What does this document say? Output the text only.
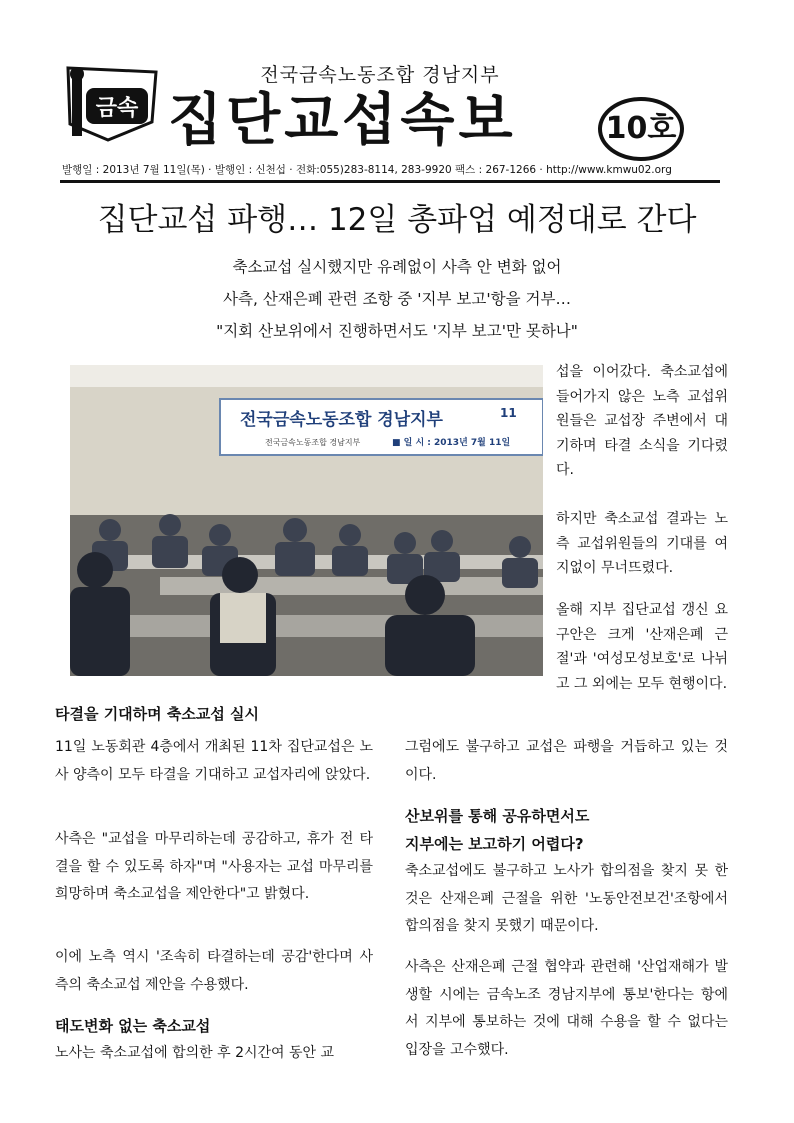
금속
전국금속노동조합 경남지부
집단교섭속보	10호
발행일 : 2013년 7월 11일(목) · 발행인 : 신천섭 · 전화:055)283-8114, 283-9920 팩스 : 267-1266 · http://www.kmwu02.org
집단교섭 파행… 12일 총파업 예정대로 간다
축소교섭 실시했지만 유례없이 사측 안 변화 없어
사측, 산재은폐 관련 조항 중 '지부 보고'항을 거부…
"지회 산보위에서 진행하면서도 '지부 보고'만 못하나"
전국금속노동조합 경남지부	11
전국금속노동조합 경남지부	■ 일 시 : 2013년 7월 11일
섭을 이어갔다. 축소교섭에 들어가지 않은 노측 교섭위원들은 교섭장 주변에서 대기하며 타결 소식을 기다렸다.
하지만 축소교섭 결과는 노측 교섭위원들의 기대를 여지없이 무너뜨렸다.
올해 지부 집단교섭 갱신 요구안은 크게 '산재은폐 근절'과 '여성모성보호'로 나뉘고 그 외에는 모두 현행이다.
타결을 기대하며 축소교섭 실시
11일 노동회관 4층에서 개최된 11차 집단교섭은 노사 양측이 모두 타결을 기대하고 교섭자리에 앉았다.
사측은 "교섭을 마무리하는데 공감하고, 휴가 전 타결을 할 수 있도록 하자"며 "사용자는 교섭 마무리를 희망하며 축소교섭을 제안한다"고 밝혔다.
이에 노측 역시 '조속히 타결하는데 공감'한다며 사측의 축소교섭 제안을 수용했다.
태도변화 없는 축소교섭
노사는 축소교섭에 합의한 후 2시간여 동안 교
그럼에도 불구하고 교섭은 파행을 거듭하고 있는 것이다.
산보위를 통해 공유하면서도
지부에는 보고하기 어렵다?
축소교섭에도 불구하고 노사가 합의점을 찾지 못 한 것은 산재은폐 근절을 위한 '노동안전보건'조항에서 합의점을 찾지 못했기 때문이다.
사측은 산재은폐 근절 협약과 관련해 '산업재해가 발생할 시에는 금속노조 경남지부에 통보'한다는 항에서 지부에 통보하는 것에 대해 수용을 할 수 없다는 입장을 고수했다.
